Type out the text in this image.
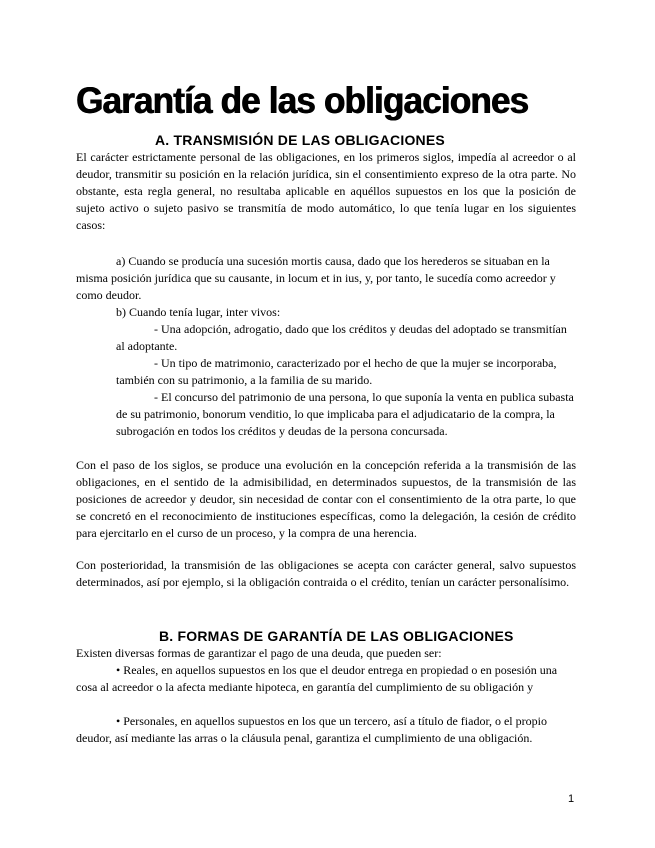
Garantía de las obligaciones
A. TRANSMISIÓN DE LAS OBLIGACIONES

El carácter estrictamente personal de las obligaciones, en los primeros siglos, impedía al acreedor o al deudor, transmitir su posición en la relación jurídica, sin el consentimiento expreso de la otra parte. No obstante, esta regla general, no resultaba aplicable en aquéllos supuestos en los que la posición de sujeto activo o sujeto pasivo se transmitía de modo automático, lo que tenía lugar en los siguientes casos:

a) Cuando se producía una sucesión mortis causa, dado que los herederos se situaban en la misma posición jurídica que su causante, in locum et in ius, y, por tanto, le sucedía como acreedor y como deudor.

b) Cuando tenía lugar, inter vivos:

- Una adopción, adrogatio, dado que los créditos y deudas del adoptado se transmitían al adoptante.

- Un tipo de matrimonio, caracterizado por el hecho de que la mujer se incorporaba, también con su patrimonio, a la familia de su marido.

- El concurso del patrimonio de una persona, lo que suponía la venta en publica subasta de su patrimonio, bonorum venditio, lo que implicaba para el adjudicatario de la compra, la subrogación en todos los créditos y deudas de la persona concursada.

Con el paso de los siglos, se produce una evolución en la concepción referida a la transmisión de las obligaciones, en el sentido de la admisibilidad, en determinados supuestos, de la transmisión de las posiciones de acreedor y deudor, sin necesidad de contar con el consentimiento de la otra parte, lo que se concretó en el reconocimiento de instituciones específicas, como la delegación, la cesión de crédito para ejercitarlo en el curso de un proceso, y la compra de una herencia.

Con posterioridad, la transmisión de las obligaciones se acepta con carácter general, salvo supuestos determinados, así por ejemplo, si la obligación contraida o el crédito, tenían un carácter personalísimo.

B. FORMAS DE GARANTÍA DE LAS OBLIGACIONES

Existen diversas formas de garantizar el pago de una deuda, que pueden ser:

• Reales, en aquellos supuestos en los que el deudor entrega en propiedad o en posesión una cosa al acreedor o la afecta mediante hipoteca, en garantía del cumplimiento de su obligación y

• Personales, en aquellos supuestos en los que un tercero, así a título de fiador, o el propio deudor, así mediante las arras o la cláusula penal, garantiza el cumplimiento de una obligación.

1
